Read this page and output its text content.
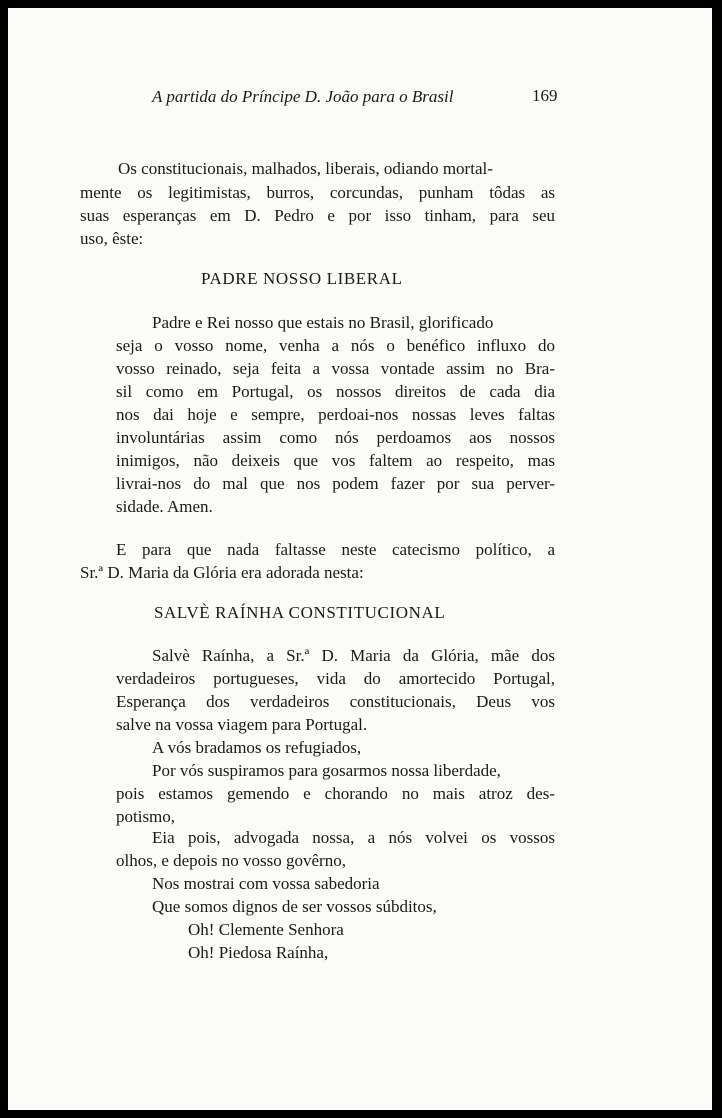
A partida do Príncipe D. João para o Brasil	169
Os constitucionais, malhados, liberais, odiando mortal-
mente os legitimistas, burros, corcundas, punham tôdas as
suas esperanças em D. Pedro e por isso tinham, para seu
uso, êste:
PADRE NOSSO LIBERAL
Padre e Rei nosso que estais no Brasil, glorificado
seja o vosso nome, venha a nós o benéfico influxo do
vosso reinado, seja feita a vossa vontade assim no Bra-
sil como em Portugal, os nossos direitos de cada dia
nos dai hoje e sempre, perdoai-nos nossas leves faltas
involuntárias assim como nós perdoamos aos nossos
inimigos, não deixeis que vos faltem ao respeito, mas
livrai-nos do mal que nos podem fazer por sua perver-
sidade. Amen.
E para que nada faltasse neste catecismo político, a
Sr.ª D. Maria da Glória era adorada nesta:
SALVÈ RAÍNHA CONSTITUCIONAL
Salvè Raínha, a Sr.ª D. Maria da Glória, mãe dos
verdadeiros portugueses, vida do amortecido Portugal,
Esperança dos verdadeiros constitucionais, Deus vos
salve na vossa viagem para Portugal.
A vós bradamos os refugiados,
Por vós suspiramos para gosarmos nossa liberdade,
pois estamos gemendo e chorando no mais atroz des-
potismo,
Eia pois, advogada nossa, a nós volvei os vossos
olhos, e depois no vosso govêrno,
Nos mostrai com vossa sabedoria
Que somos dignos de ser vossos súbditos,
Oh! Clemente Senhora
Oh! Piedosa Raínha,
